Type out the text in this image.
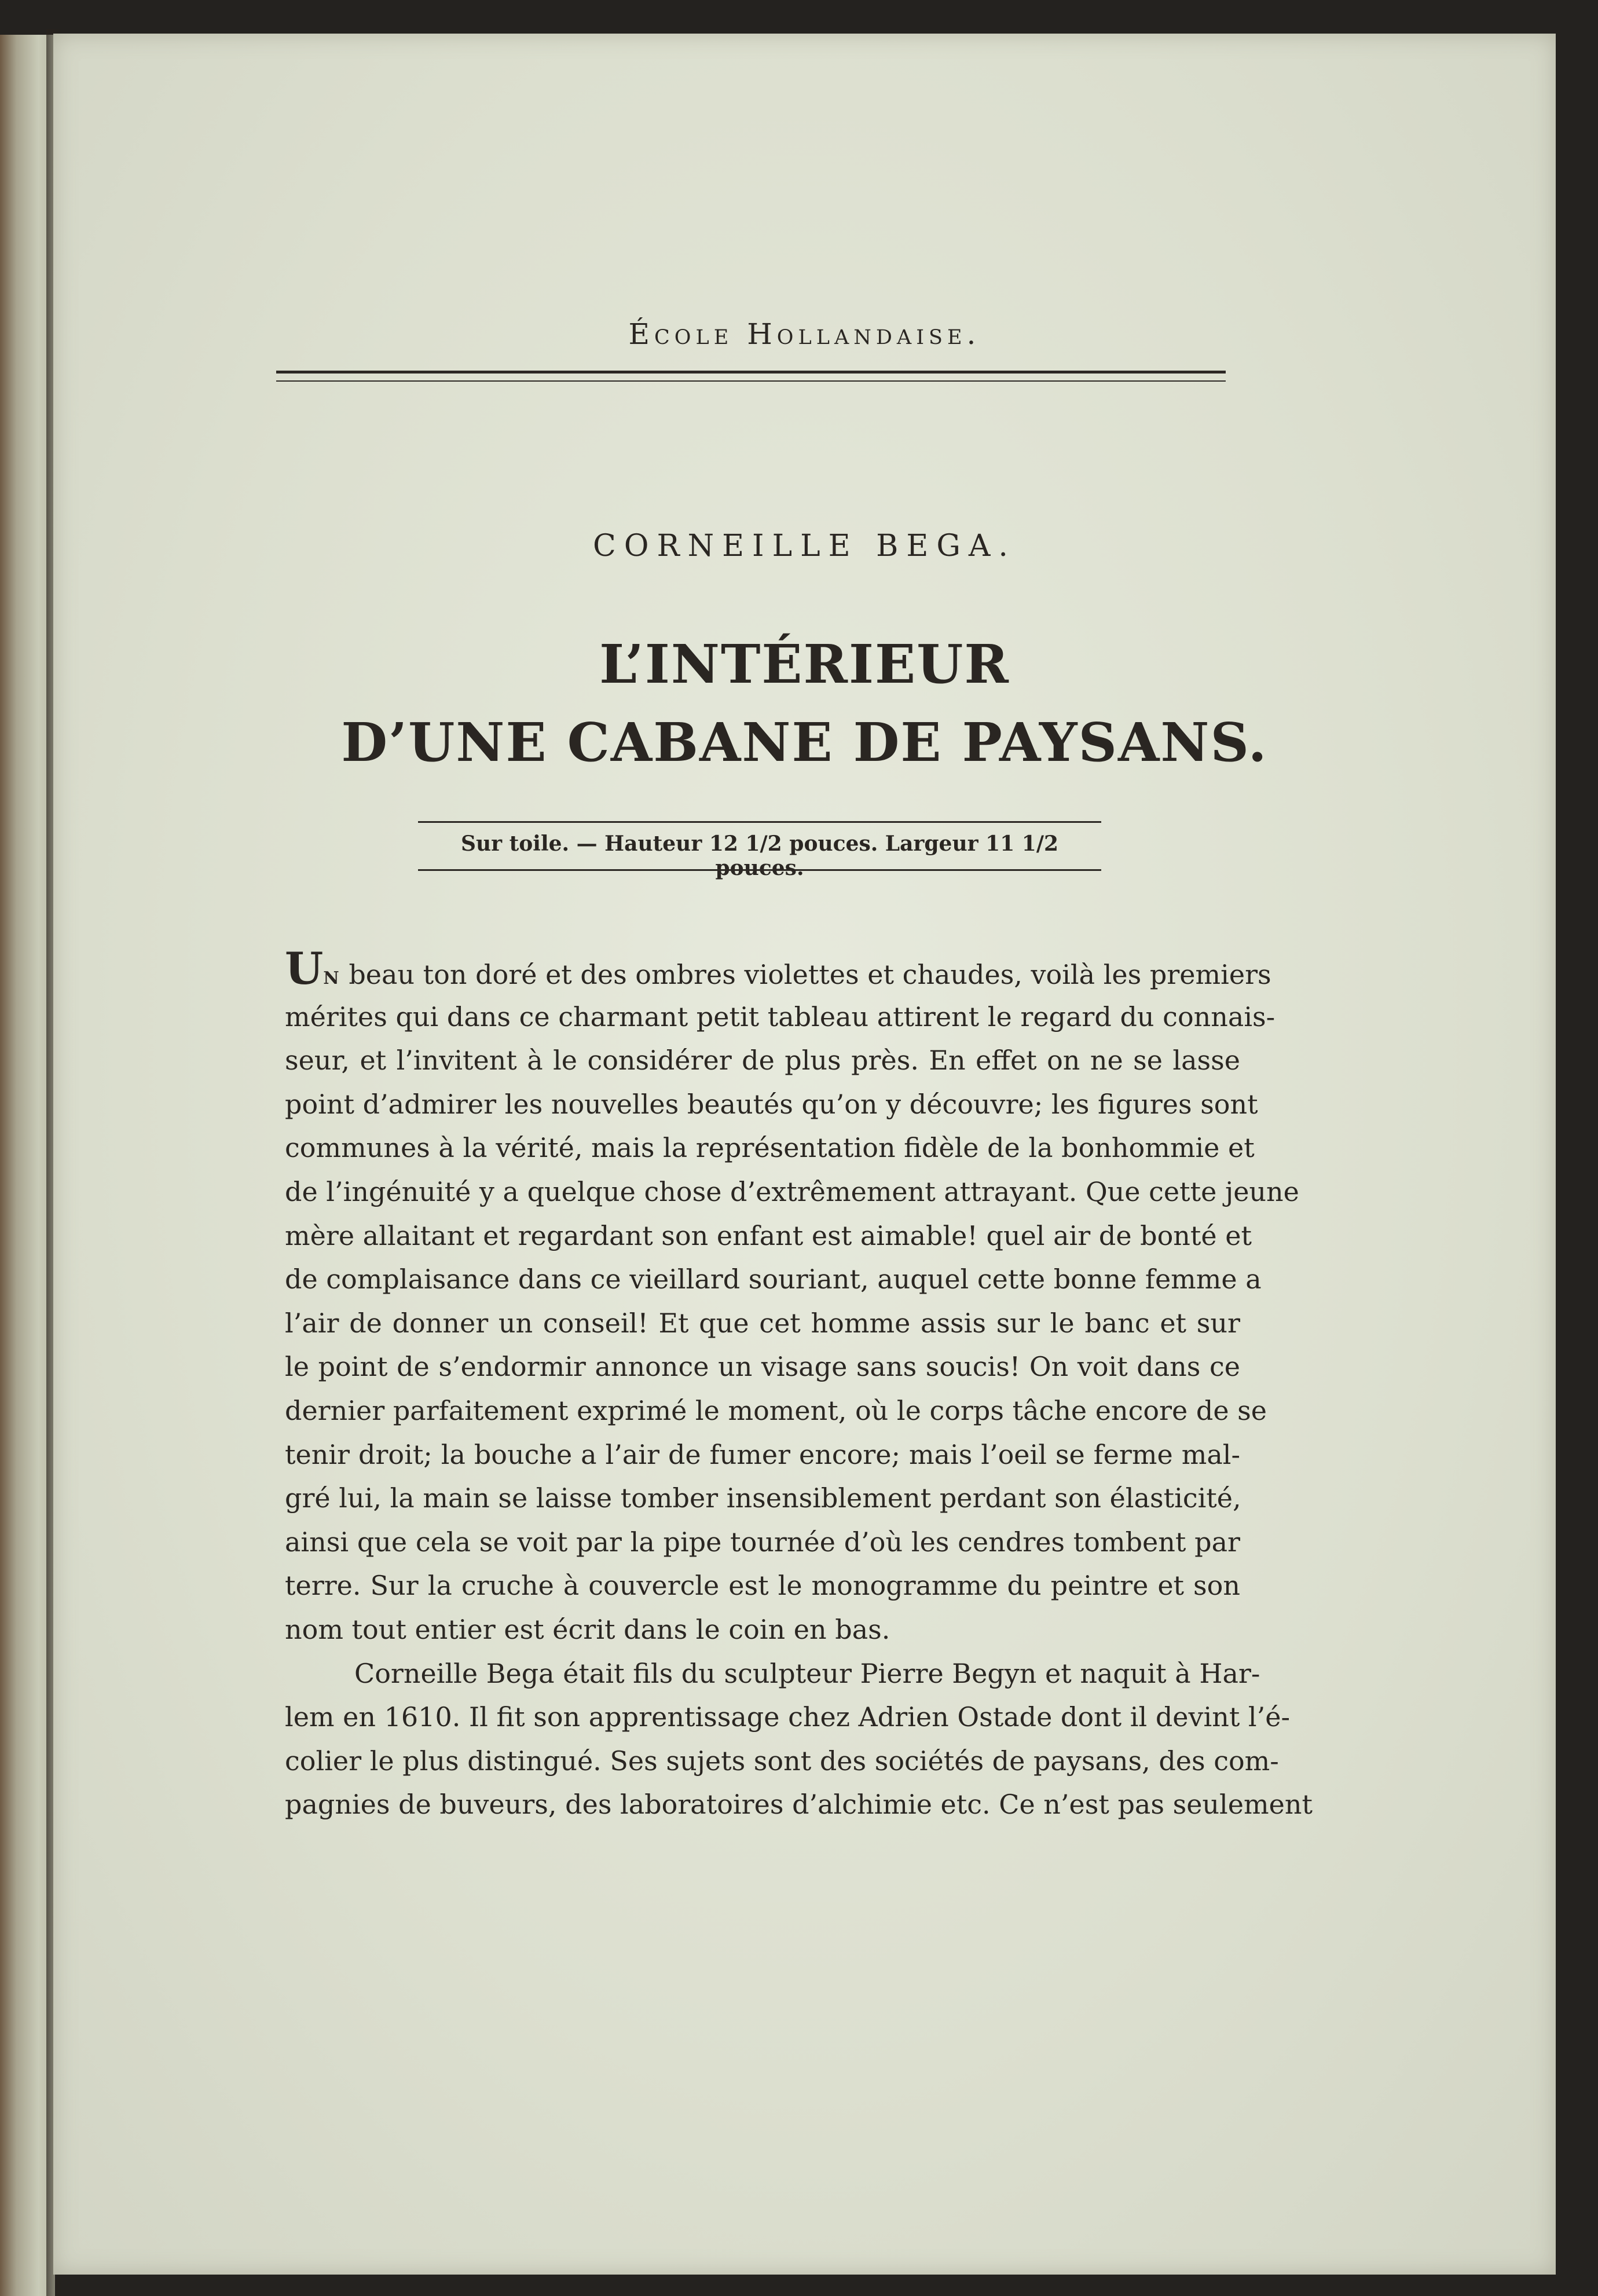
École Hollandaise.
CORNEILLE BEGA.
L’INTÉRIEUR
D’UNE CABANE DE PAYSANS.
Sur toile. — Hauteur 12 1/2 pouces. Largeur 11 1/2 pouces.
UN beau ton doré et des ombres violettes et chaudes, voilà les premiers
mérites qui dans ce charmant petit tableau attirent le regard du connais-
seur, et l’invitent à le considérer de plus près. En effet on ne se lasse
point d’admirer les nouvelles beautés qu’on y découvre; les figures sont
communes à la vérité, mais la représentation fidèle de la bonhommie et
de l’ingénuité y a quelque chose d’extrêmement attrayant. Que cette jeune
mère allaitant et regardant son enfant est aimable! quel air de bonté et
de complaisance dans ce vieillard souriant, auquel cette bonne femme a
l’air de donner un conseil! Et que cet homme assis sur le banc et sur
le point de s’endormir annonce un visage sans soucis! On voit dans ce
dernier parfaitement exprimé le moment, où le corps tâche encore de se
tenir droit; la bouche a l’air de fumer encore; mais l’oeil se ferme mal-
gré lui, la main se laisse tomber insensiblement perdant son élasticité,
ainsi que cela se voit par la pipe tournée d’où les cendres tombent par
terre. Sur la cruche à couvercle est le monogramme du peintre et son
nom tout entier est écrit dans le coin en bas.
Corneille Bega était fils du sculpteur Pierre Begyn et naquit à Har-
lem en 1610. Il fit son apprentissage chez Adrien Ostade dont il devint l’é-
colier le plus distingué. Ses sujets sont des sociétés de paysans, des com-
pagnies de buveurs, des laboratoires d’alchimie etc. Ce n’est pas seulement
